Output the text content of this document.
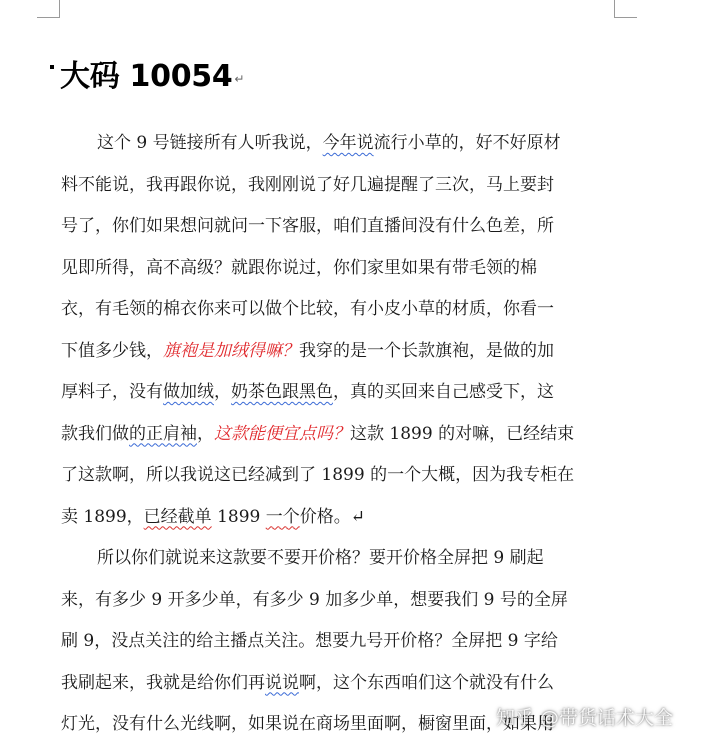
大码 10054 ↵
这个 9 号链接所有人听我说，今年说流行小草的，好不好原材
料不能说，我再跟你说，我刚刚说了好几遍提醒了三次，马上要封
号了，你们如果想问就问一下客服，咱们直播间没有什么色差，所
见即所得，高不高级？就跟你说过，你们家里如果有带毛领的棉
衣，有毛领的棉衣你来可以做个比较，有小皮小草的材质，你看一
下值多少钱，旗袍是加绒得嘛？我穿的是一个长款旗袍，是做的加
厚料子，没有做加绒，奶茶色跟黑色，真的买回来自己感受下，这
款我们做的正肩袖，这款能便宜点吗？这款 1899 的对嘛，已经结束
了这款啊，所以我说这已经减到了 1899 的一个大概，因为我专柜在
卖 1899，已经截单 1899 一个价格。↵
所以你们就说来这款要不要开价格？要开价格全屏把 9 刷起
来，有多少 9 开多少单，有多少 9 加多少单，想要我们 9 号的全屏
刷 9，没点关注的给主播点关注。想要九号开价格？全屏把 9 字给
我刷起来，我就是给你们再说说啊，这个东西咱们这个就没有什么
灯光，没有什么光线啊，如果说在商场里面啊，橱窗里面，如果用
知乎 @带货话术大全
